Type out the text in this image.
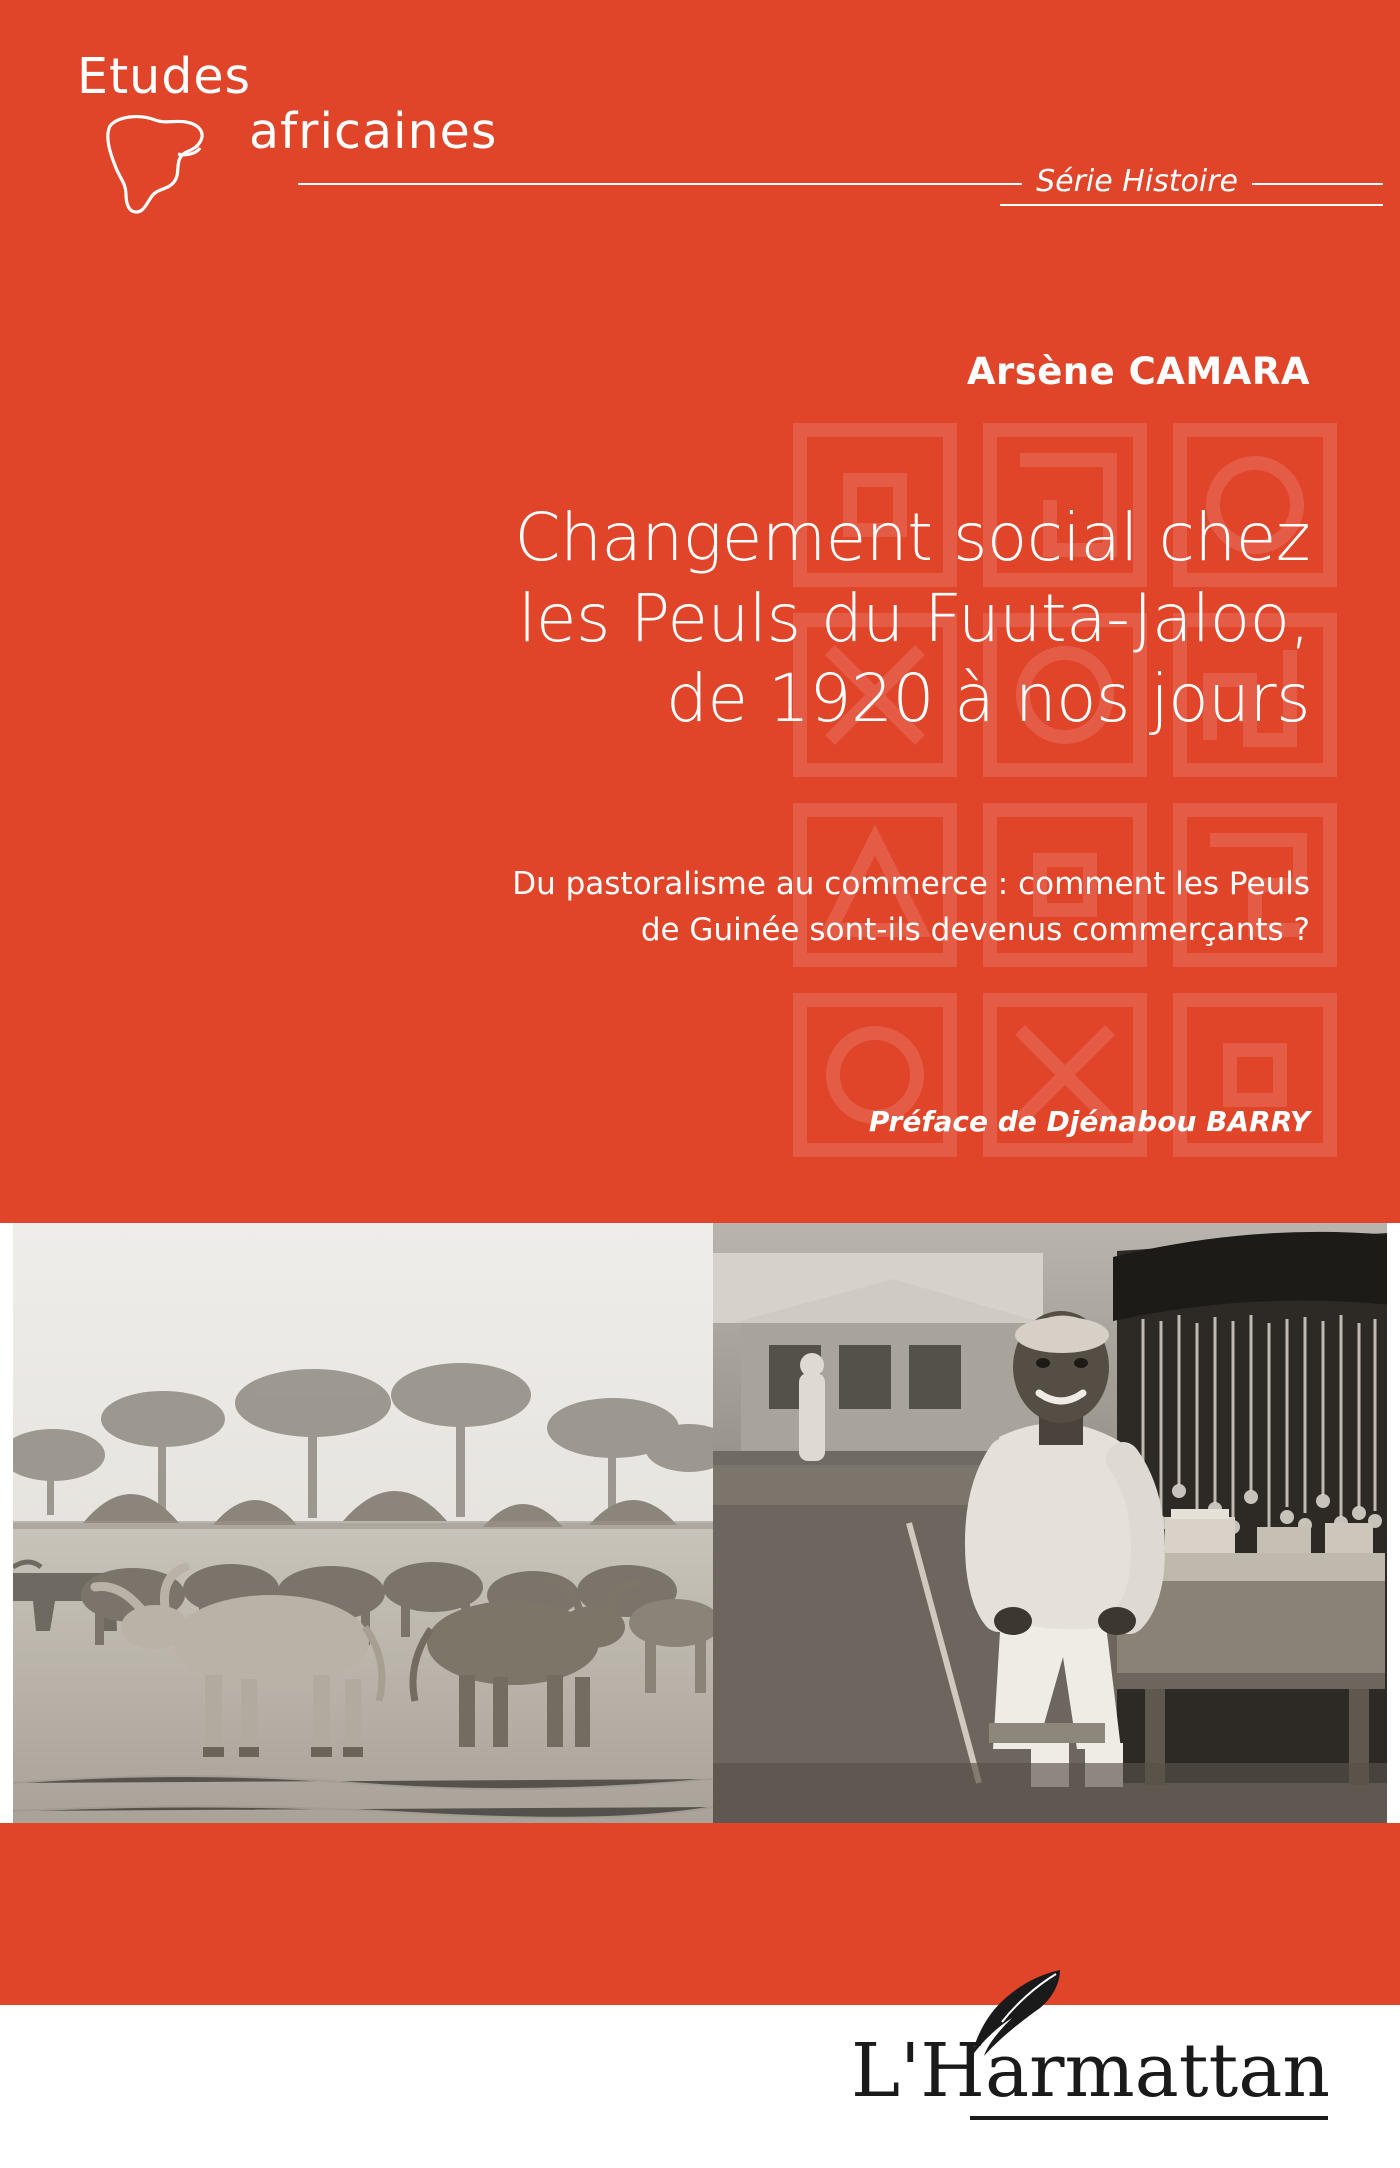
Etudes
africaines
Série Histoire
Arsène CAMARA
Changement social chez
les Peuls du Fuuta-Jaloo,
de 1920 à nos jours
Du pastoralisme au commerce : comment les Peuls
de Guinée sont-ils devenus commerçants ?
Préface de Djénabou BARRY
L'Harmattan
